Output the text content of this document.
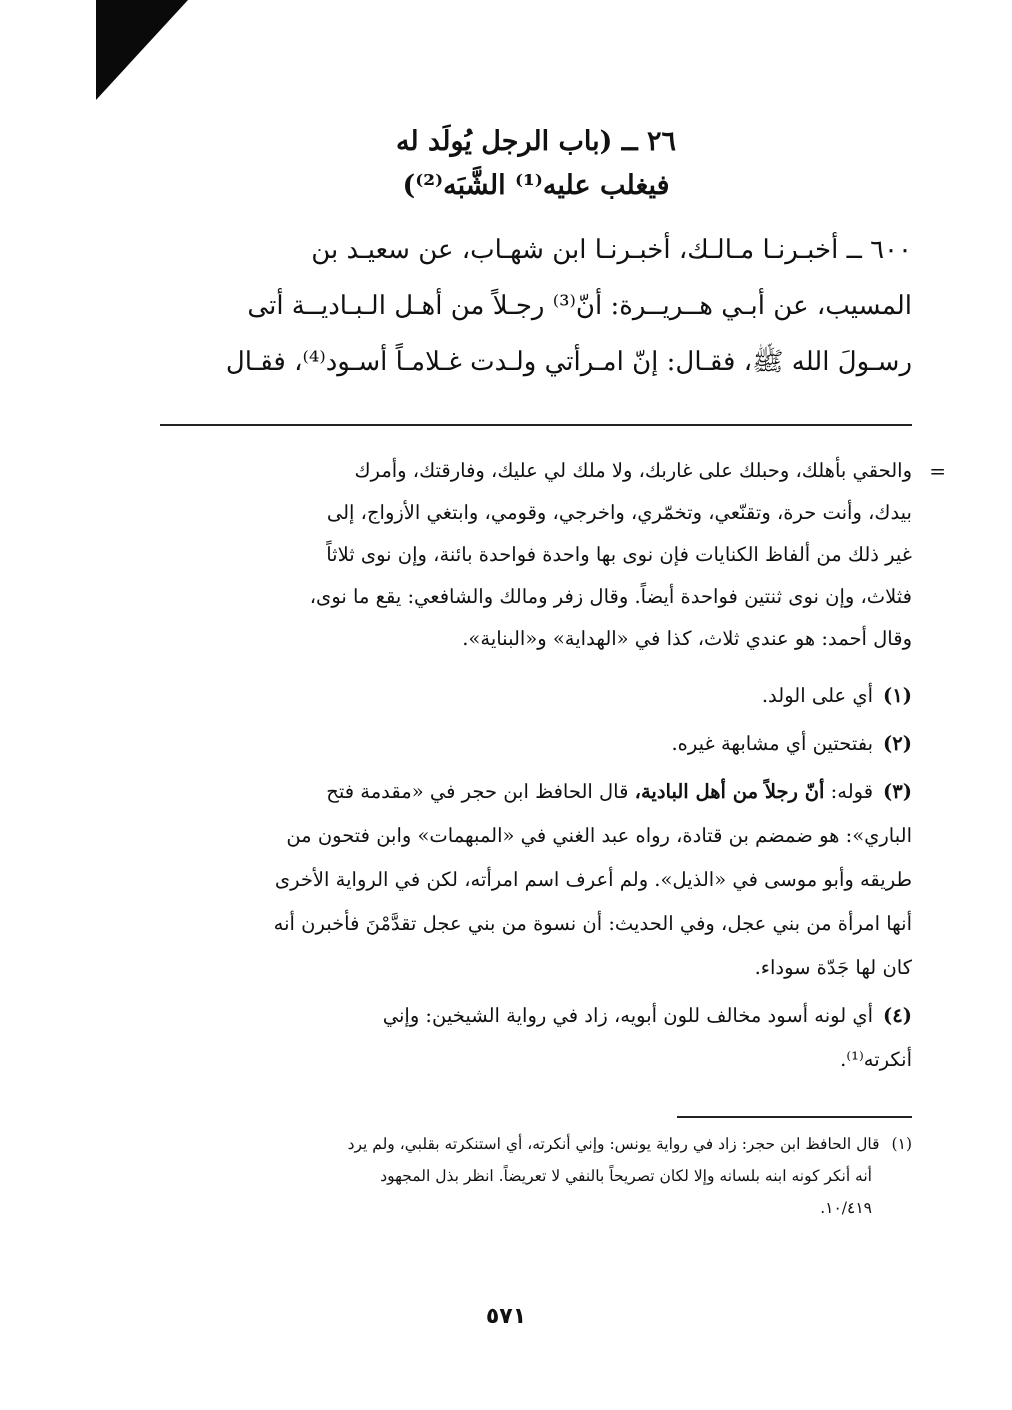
٢٦ ــ (باب الرجل يُولَد له
فيغلب عليه⁽¹⁾ الشَّبَه⁽²⁾)

٦٠٠ ــ أخبـرنـا مـالـك، أخبـرنـا ابن شهـاب، عن سعيـد بن
المسيب، عن أبـي هــريــرة: أنّ⁽³⁾ رجـلاً من أهـل الـبـاديــة أتى
رسـولَ الله ﷺ، فقـال: إنّ امـرأتي ولـدت غـلامـاً أسـود⁽⁴⁾، فقـال

=
والحقي بأهلك، وحبلك على غاربك، ولا ملك لي عليك، وفارقتك، وأمرك
بيدك، وأنت حرة، وتقنّعي، وتخمّري، واخرجي، وقومي، وابتغي الأزواج، إلى
غير ذلك من ألفاظ الكنايات فإن نوى بها واحدة فواحدة بائنة، وإن نوى ثلاثاً
فثلاث، وإن نوى ثنتين فواحدة أيضاً. وقال زفر ومالك والشافعي: يقع ما نوى،
وقال أحمد: هو عندي ثلاث، كذا في «الهداية» و«البناية».
(١)أي على الولد.
(٢)بفتحتين أي مشابهة غيره.
(٣)قوله: أنّ رجلاً من أهل البادية، قال الحافظ ابن حجر في «مقدمة فتح
الباري»: هو ضمضم بن قتادة، رواه عبد الغني في «المبهمات» وابن فتحون من
طريقه وأبو موسى في «الذيل». ولم أعرف اسم امرأته، لكن في الرواية الأخرى
أنها امرأة من بني عجل، وفي الحديث: أن نسوة من بني عجل تقدَّمْنَ فأخبرن أنه
كان لها جَدّة سوداء.
(٤)أي لونه أسود مخالف للون أبويه، زاد في رواية الشيخين: وإني
أنكرته⁽¹⁾.
(١)قال الحافظ ابن حجر: زاد في رواية يونس: وإني أنكرته، أي استنكرته بقلبي، ولم يرد
أنه أنكر كونه ابنه بلسانه وإلا لكان تصريحاً بالنفي لا تعريضاً. انظر بذل المجهود
١٠/٤١٩.
٥٧١
